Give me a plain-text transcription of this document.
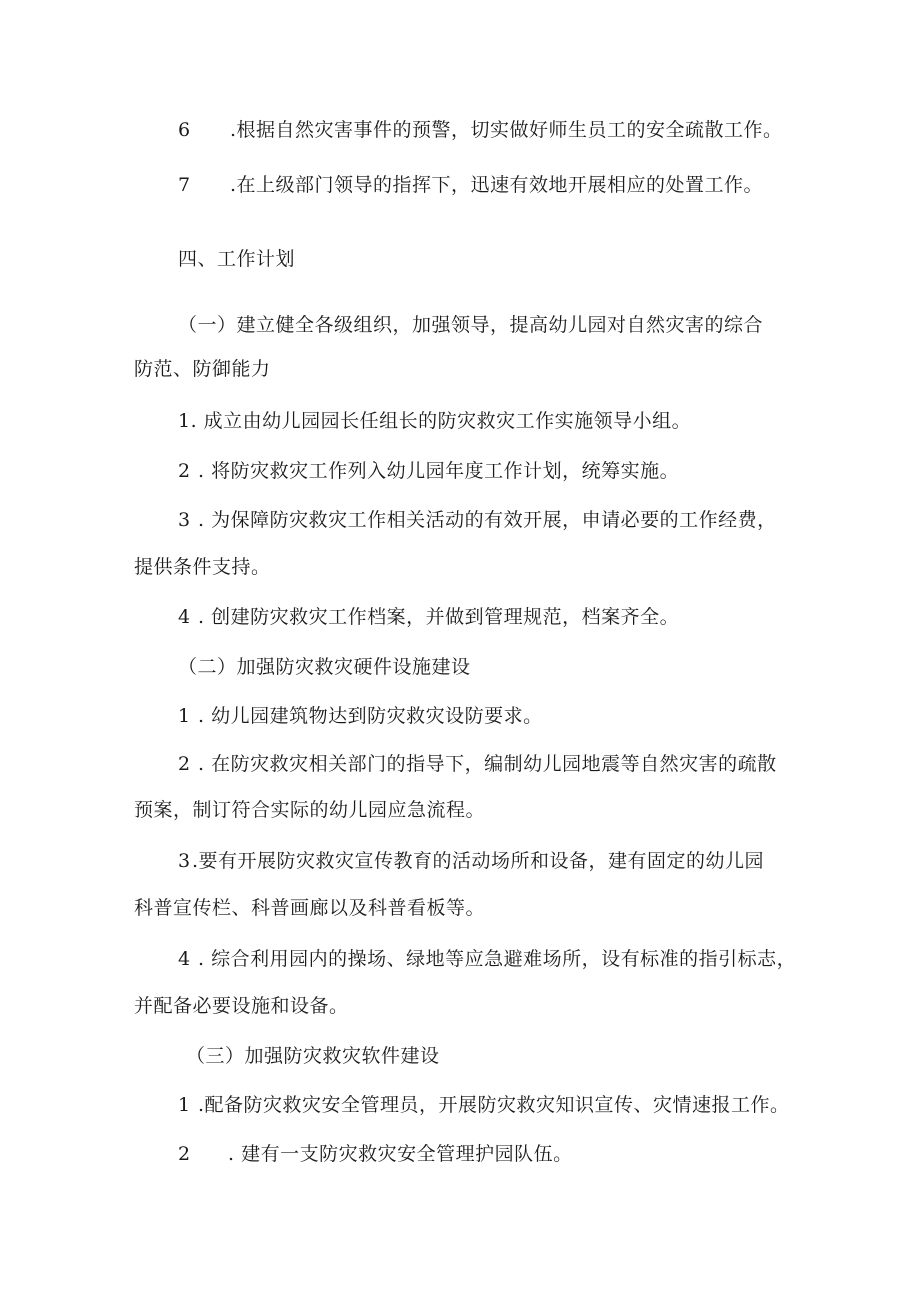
6 .根据自然灾害事件的预警，切实做好师生员工的安全疏散工作。
7 .在上级部门领导的指挥下，迅速有效地开展相应的处置工作。
四、工作计划
（一）建立健全各级组织，加强领导，提高幼儿园对自然灾害的综合
防范、防御能力
1. 成立由幼儿园园长任组长的防灾救灾工作实施领导小组。
2 . 将防灾救灾工作列入幼儿园年度工作计划，统筹实施。
3 . 为保障防灾救灾工作相关活动的有效开展，申请必要的工作经费，
提供条件支持。
4 . 创建防灾救灾工作档案，并做到管理规范，档案齐全。
（二）加强防灾救灾硬件设施建设
1 . 幼儿园建筑物达到防灾救灾设防要求。
2 . 在防灾救灾相关部门的指导下，编制幼儿园地震等自然灾害的疏散
预案，制订符合实际的幼儿园应急流程。
3.要有开展防灾救灾宣传教育的活动场所和设备，建有固定的幼儿园
科普宣传栏、科普画廊以及科普看板等。
4 . 综合利用园内的操场、绿地等应急避难场所，设有标准的指引标志，
并配备必要设施和设备。
（三）加强防灾救灾软件建设
1 .配备防灾救灾安全管理员，开展防灾救灾知识宣传、灾情速报工作。
2 . 建有一支防灾救灾安全管理护园队伍。
